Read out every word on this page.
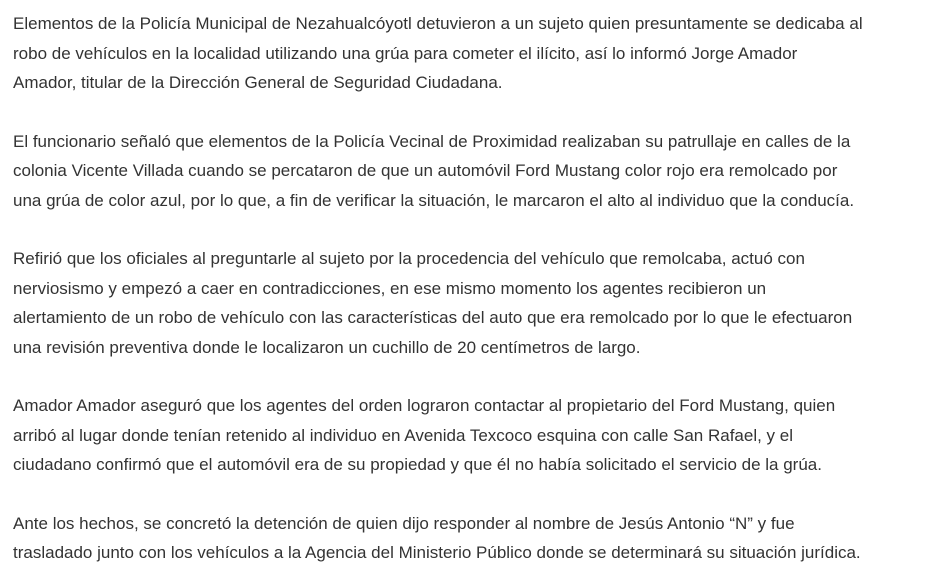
Elementos de la Policía Municipal de Nezahualcóyotl detuvieron a un sujeto quien presuntamente se dedicaba al
robo de vehículos en la localidad utilizando una grúa para cometer el ilícito, así lo informó Jorge Amador
Amador, titular de la Dirección General de Seguridad Ciudadana.

El funcionario señaló que elementos de la Policía Vecinal de Proximidad realizaban su patrullaje en calles de la
colonia Vicente Villada cuando se percataron de que un automóvil Ford Mustang color rojo era remolcado por
una grúa de color azul, por lo que, a fin de verificar la situación, le marcaron el alto al individuo que la conducía.

Refirió que los oficiales al preguntarle al sujeto por la procedencia del vehículo que remolcaba, actuó con
nerviosismo y empezó a caer en contradicciones, en ese mismo momento los agentes recibieron un
alertamiento de un robo de vehículo con las características del auto que era remolcado por lo que le efectuaron
una revisión preventiva donde le localizaron un cuchillo de 20 centímetros de largo.

Amador Amador aseguró que los agentes del orden lograron contactar al propietario del Ford Mustang, quien
arribó al lugar donde tenían retenido al individuo en Avenida Texcoco esquina con calle San Rafael, y el
ciudadano confirmó que el automóvil era de su propiedad y que él no había solicitado el servicio de la grúa.

Ante los hechos, se concretó la detención de quien dijo responder al nombre de Jesús Antonio “N” y fue
trasladado junto con los vehículos a la Agencia del Ministerio Público donde se determinará su situación jurídica.
